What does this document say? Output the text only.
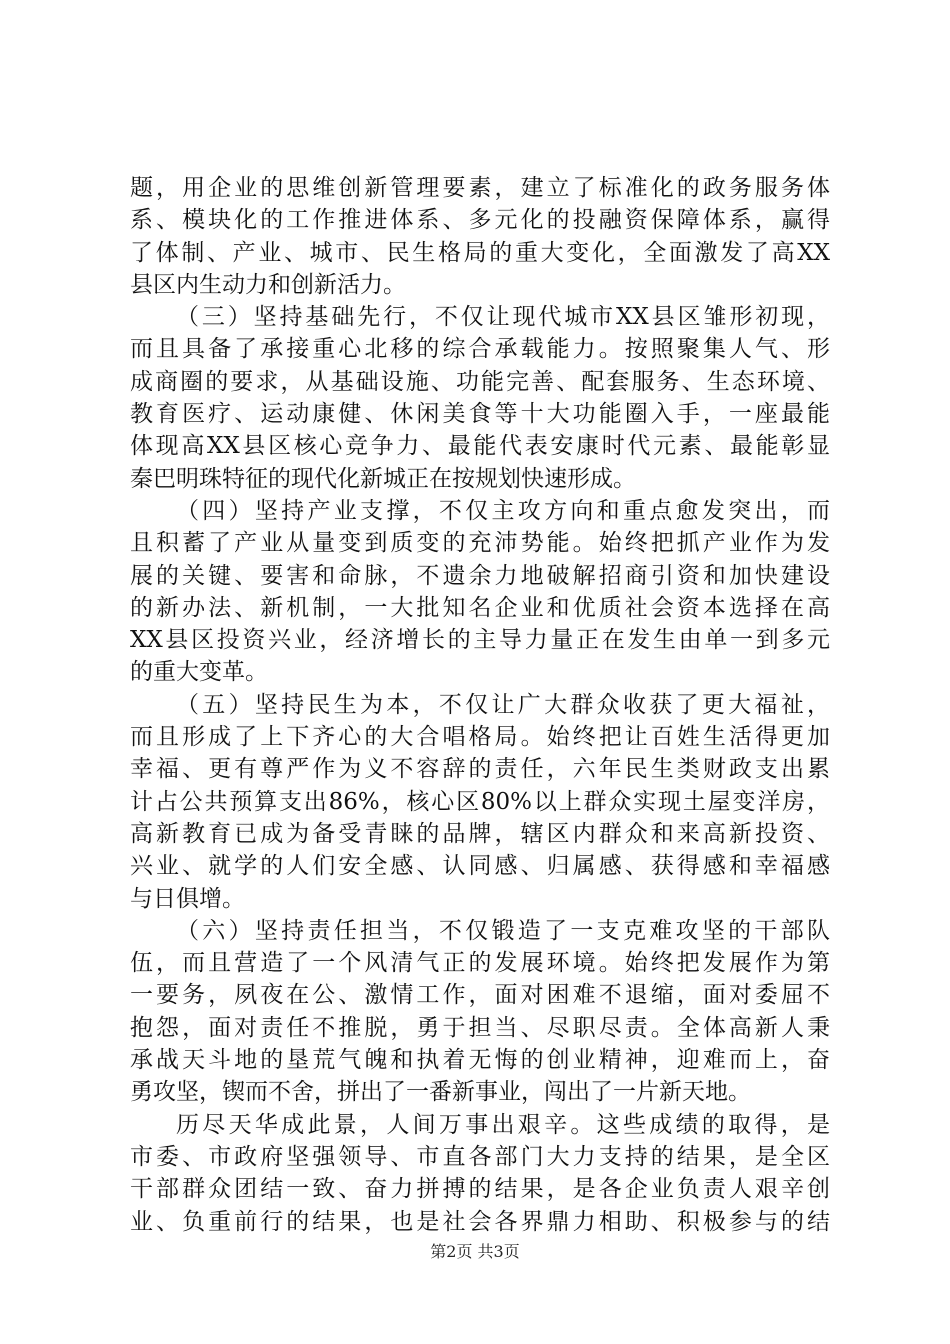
题，用企业的思维创新管理要素，建立了标准化的政务服务体
系、模块化的工作推进体系、多元化的投融资保障体系，赢得
了体制、产业、城市、民生格局的重大变化，全面激发了高XX
县区内生动力和创新活力。
（三）坚持基础先行，不仅让现代城市XX县区雏形初现，
而且具备了承接重心北移的综合承载能力。按照聚集人气、形
成商圈的要求，从基础设施、功能完善、配套服务、生态环境、
教育医疗、运动康健、休闲美食等十大功能圈入手，一座最能
体现高XX县区核心竞争力、最能代表安康时代元素、最能彰显
秦巴明珠特征的现代化新城正在按规划快速形成。
（四）坚持产业支撑，不仅主攻方向和重点愈发突出，而
且积蓄了产业从量变到质变的充沛势能。始终把抓产业作为发
展的关键、要害和命脉，不遗余力地破解招商引资和加快建设
的新办法、新机制，一大批知名企业和优质社会资本选择在高
XX县区投资兴业，经济增长的主导力量正在发生由单一到多元
的重大变革。
（五）坚持民生为本，不仅让广大群众收获了更大福祉，
而且形成了上下齐心的大合唱格局。始终把让百姓生活得更加
幸福、更有尊严作为义不容辞的责任，六年民生类财政支出累
计占公共预算支出86%，核心区80%以上群众实现土屋变洋房，
高新教育已成为备受青睐的品牌，辖区内群众和来高新投资、
兴业、就学的人们安全感、认同感、归属感、获得感和幸福感
与日俱增。
（六）坚持责任担当，不仅锻造了一支克难攻坚的干部队
伍，而且营造了一个风清气正的发展环境。始终把发展作为第
一要务，夙夜在公、激情工作，面对困难不退缩，面对委屈不
抱怨，面对责任不推脱，勇于担当、尽职尽责。全体高新人秉
承战天斗地的垦荒气魄和执着无悔的创业精神，迎难而上，奋
勇攻坚，锲而不舍，拼出了一番新事业，闯出了一片新天地。
历尽天华成此景，人间万事出艰辛。这些成绩的取得，是
市委、市政府坚强领导、市直各部门大力支持的结果，是全区
干部群众团结一致、奋力拼搏的结果，是各企业负责人艰辛创
业、负重前行的结果，也是社会各界鼎力相助、积极参与的结
第2页 共3页
